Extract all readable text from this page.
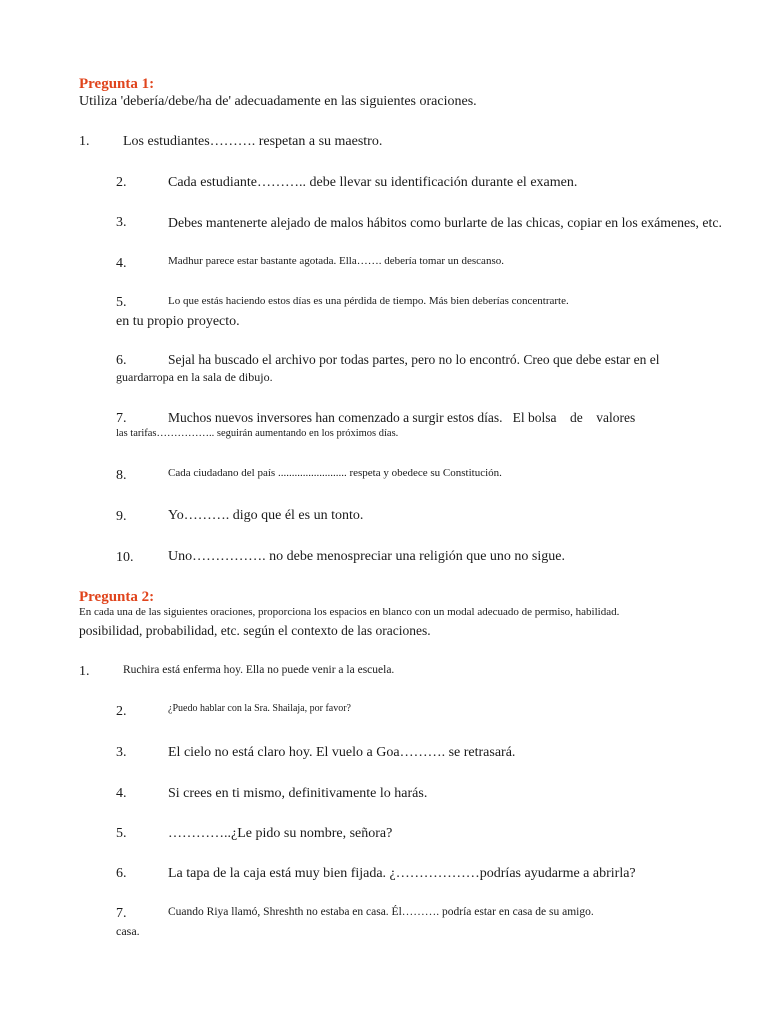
Pregunta 1:
Utiliza 'debería/debe/ha de' adecuadamente en las siguientes oraciones.
1. Los estudiantes………. respetan a su maestro.
2.	Cada estudiante……….. debe llevar su identificación durante el examen.
3.	Debes mantenerte alejado de malos hábitos como burlarte de las chicas, copiar en los exámenes, etc.
4.	Madhur parece estar bastante agotada. Ella……. debería tomar un descanso.
5.	Lo que estás haciendo estos días es una pérdida de tiempo. Más bien deberías concentrarte.
en tu propio proyecto.
6.	Sejal ha buscado el archivo por todas partes, pero no lo encontró. Creo que debe estar en el
guardarropa en la sala de dibujo.
7.	Muchos nuevos inversores han comenzado a surgir estos días.   El bolsa    de    valores
las tarifas…………….. seguirán aumentando en los próximos días.
8.	Cada ciudadano del país ......................... respeta y obedece su Constitución.
9.	Yo………. digo que él es un tonto.
10. Uno……………. no debe menospreciar una religión que uno no sigue.
Pregunta 2:
En cada una de las siguientes oraciones, proporciona los espacios en blanco con un modal adecuado de permiso, habilidad.
posibilidad, probabilidad, etc. según el contexto de las oraciones.
1.	Ruchira está enferma hoy. Ella no puede venir a la escuela.
2.	¿Puedo hablar con la Sra. Shailaja, por favor?
3.	El cielo no está claro hoy. El vuelo a Goa………. se retrasará.
4.	Si crees en ti mismo, definitivamente lo harás.
5.	…………..¿Le pido su nombre, señora?
6.	La tapa de la caja está muy bien fijada. ¿………………podrías ayudarme a abrirla?
7.	Cuando Riya llamó, Shreshth no estaba en casa. Él………. podría estar en casa de su amigo.
casa.
